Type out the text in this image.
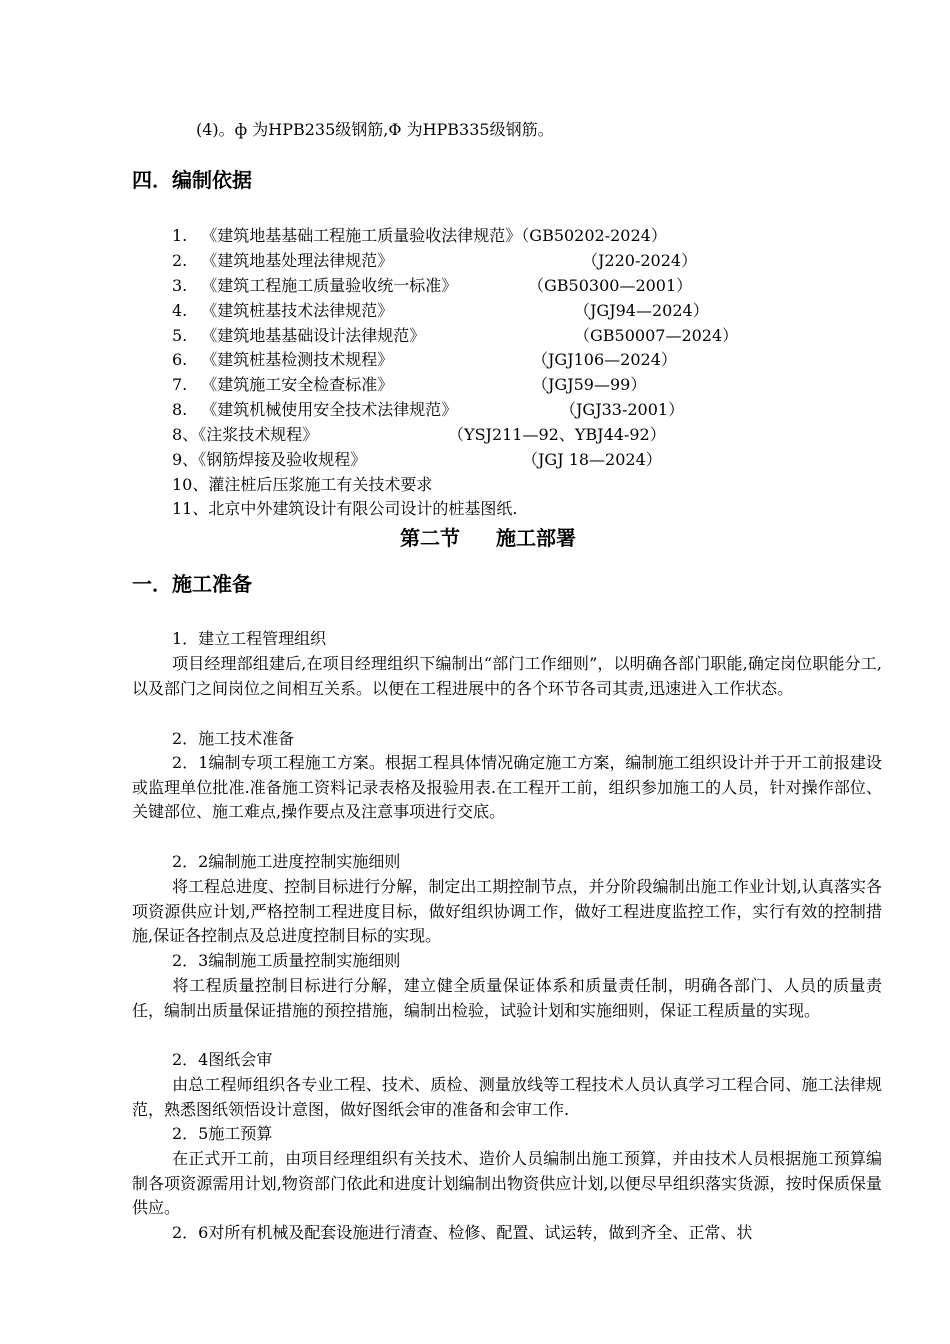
(4)。ф 为HPB235级钢筋,Φ 为HPB335级钢筋。
四．编制依据
1. 《建筑地基基础工程施工质量验收法律规范》（GB50202-2024）
2. 《建筑地基处理法律规范》	（J220-2024）
3. 《建筑工程施工质量验收统一标准》	（GB50300—2001）
4. 《建筑桩基技术法律规范》	（JGJ94—2024）
5. 《建筑地基基础设计法律规范》	（GB50007—2024）
6. 《建筑桩基检测技术规程》	（JGJ106—2024）
7. 《建筑施工安全检查标准》	（JGJ59—99）
8. 《建筑机械使用安全技术法律规范》	（JGJ33-2001）
8、《注浆技术规程》	（YSJ211—92、YBJ44-92）
9、《钢筋焊接及验收规程》	（JGJ 18—2024）
10、灌注桩后压浆施工有关技术要求
11、北京中外建筑设计有限公司设计的桩基图纸.
第二节 施工部署
一．施工准备
1．建立工程管理组织
项目经理部组建后,在项目经理组织下编制出“部门工作细则”，以明确各部门职能,确定岗位职能分工,以及部门之间岗位之间相互关系。以便在工程进展中的各个环节各司其责,迅速进入工作状态。
2．施工技术准备
2．1编制专项工程施工方案。根据工程具体情况确定施工方案，编制施工组织设计并于开工前报建设或监理单位批准.准备施工资料记录表格及报验用表.在工程开工前，组织参加施工的人员，针对操作部位、关键部位、施工难点,操作要点及注意事项进行交底。
2．2编制施工进度控制实施细则
将工程总进度、控制目标进行分解，制定出工期控制节点，并分阶段编制出施工作业计划,认真落实各项资源供应计划,严格控制工程进度目标，做好组织协调工作，做好工程进度监控工作，实行有效的控制措施,保证各控制点及总进度控制目标的实现。
2．3编制施工质量控制实施细则
将工程质量控制目标进行分解，建立健全质量保证体系和质量责任制，明确各部门、人员的质量责任，编制出质量保证措施的预控措施，编制出检验，试验计划和实施细则，保证工程质量的实现。
2．4图纸会审
由总工程师组织各专业工程、技术、质检、测量放线等工程技术人员认真学习工程合同、施工法律规范，熟悉图纸领悟设计意图，做好图纸会审的准备和会审工作.
2．5施工预算
在正式开工前，由项目经理组织有关技术、造价人员编制出施工预算，并由技术人员根据施工预算编制各项资源需用计划,物资部门依此和进度计划编制出物资供应计划,以便尽早组织落实货源，按时保质保量供应。
2．6对所有机械及配套设施进行清查、检修、配置、试运转，做到齐全、正常、状
